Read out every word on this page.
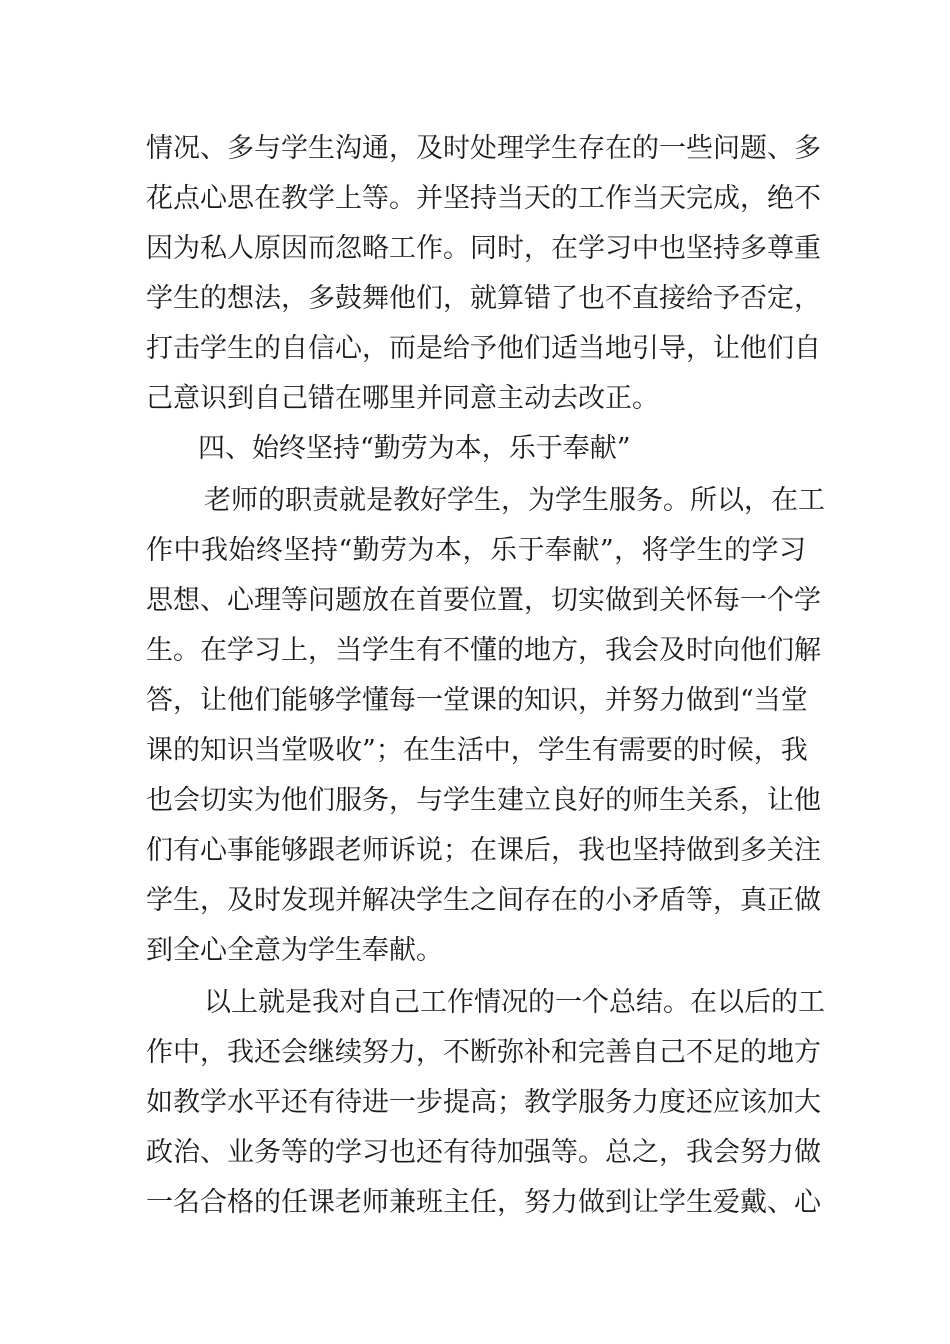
情况、多与学生沟通，及时处理学生存在的一些问题、多
花点心思在教学上等。并坚持当天的工作当天完成，绝不
因为私人原因而忽略工作。同时，在学习中也坚持多尊重
学生的想法，多鼓舞他们，就算错了也不直接给予否定，
打击学生的自信心，而是给予他们适当地引导，让他们自
己意识到自己错在哪里并同意主动去改正。
四、始终坚持“勤劳为本，乐于奉献”
老师的职责就是教好学生，为学生服务。所以，在工
作中我始终坚持“勤劳为本，乐于奉献”，将学生的学习
思想、心理等问题放在首要位置，切实做到关怀每一个学
生。在学习上，当学生有不懂的地方，我会及时向他们解
答，让他们能够学懂每一堂课的知识，并努力做到“当堂
课的知识当堂吸收”；在生活中，学生有需要的时候，我
也会切实为他们服务，与学生建立良好的师生关系，让他
们有心事能够跟老师诉说；在课后，我也坚持做到多关注
学生，及时发现并解决学生之间存在的小矛盾等，真正做
到全心全意为学生奉献。
以上就是我对自己工作情况的一个总结。在以后的工
作中，我还会继续努力，不断弥补和完善自己不足的地方
如教学水平还有待进一步提高；教学服务力度还应该加大
政治、业务等的学习也还有待加强等。总之，我会努力做
一名合格的任课老师兼班主任，努力做到让学生爱戴、心
